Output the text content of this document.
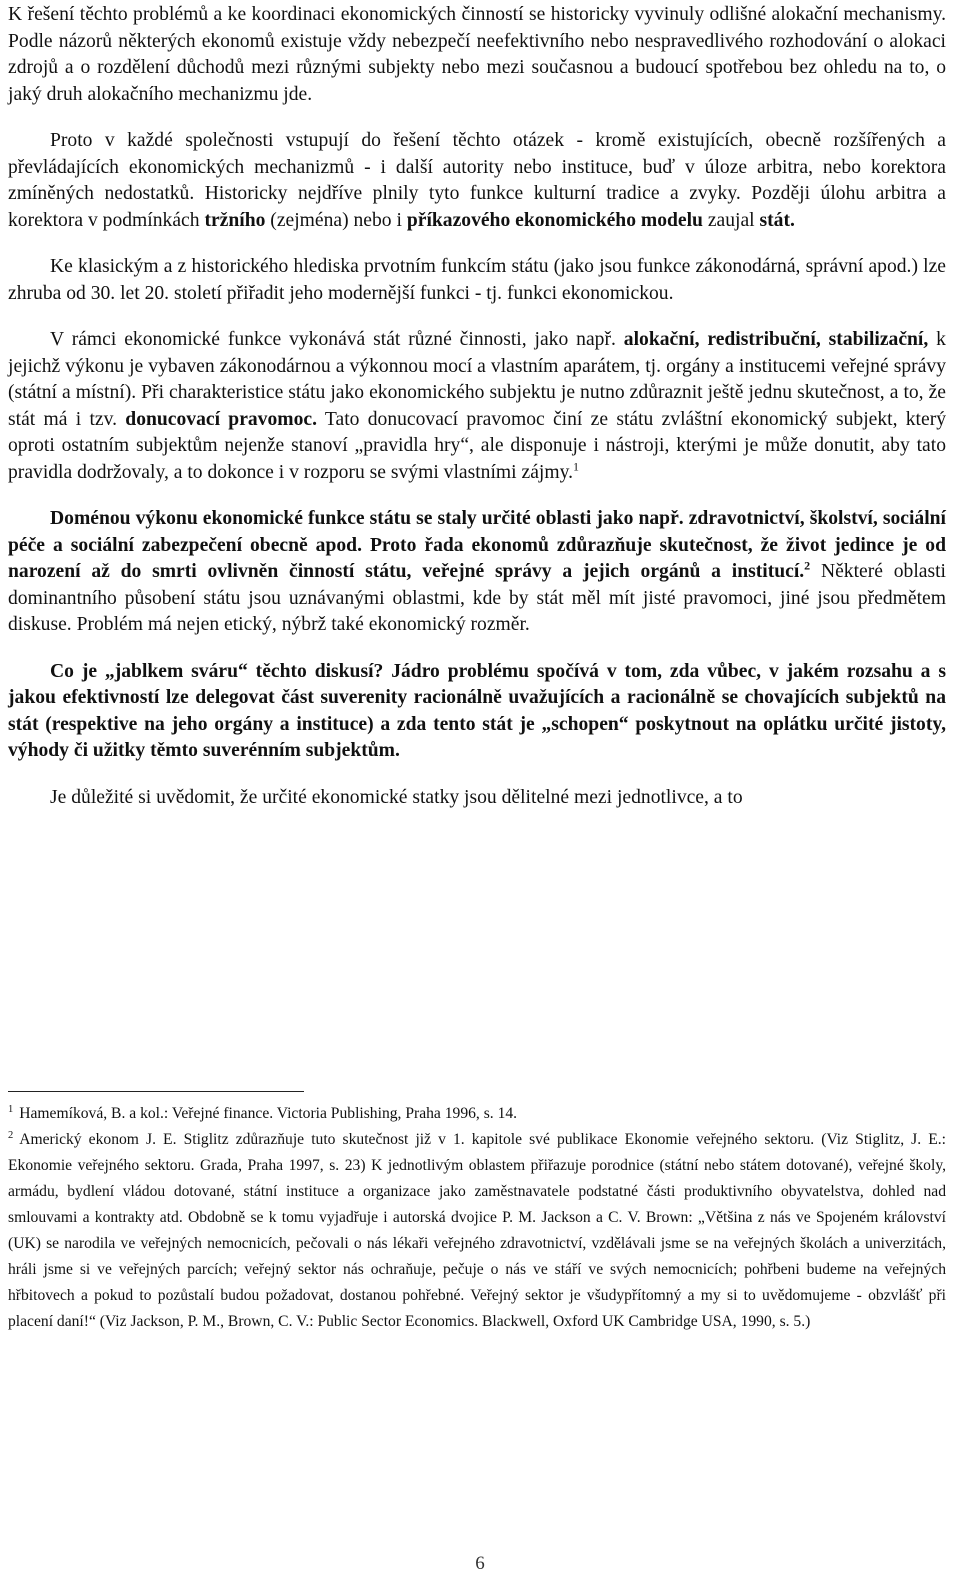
K řešení těchto problémů a ke koordinaci ekonomických činností se historicky vyvinuly odlišné alokační mechanismy. Podle názorů některých ekonomů existuje vždy nebezpečí neefektivního nebo nespravedlivého rozhodování o alokaci zdrojů a o rozdělení důchodů mezi různými subjekty nebo mezi současnou a budoucí spotřebou bez ohledu na to, o jaký druh alokačního mechanizmu jde.

Proto v každé společnosti vstupují do řešení těchto otázek - kromě existujících, obecně rozšířených a převládajících ekonomických mechanizmů - i další autority nebo instituce, buď v úloze arbitra, nebo korektora zmíněných nedostatků. Historicky nejdříve plnily tyto funkce kulturní tradice a zvyky. Později úlohu arbitra a korektora v podmínkách tržního (zejména) nebo i příkazového ekonomického modelu zaujal stát.

Ke klasickým a z historického hlediska prvotním funkcím státu (jako jsou funkce zákonodárná, správní apod.) lze zhruba od 30. let 20. století přiřadit jeho modernější funkci - tj. funkci ekonomickou.

V rámci ekonomické funkce vykonává stát různé činnosti, jako např. alokační, redistribuční, stabilizační, k jejichž výkonu je vybaven zákonodárnou a výkonnou mocí a vlastním aparátem, tj. orgány a institucemi veřejné správy (státní a místní). Při charakteristice státu jako ekonomického subjektu je nutno zdůraznit ještě jednu skutečnost, a to, že stát má i tzv. donucovací pravomoc. Tato donucovací pravomoc činí ze státu zvláštní ekonomický subjekt, který oproti ostatním subjektům nejenže stanoví „pravidla hry“, ale disponuje i nástroji, kterými je může donutit, aby tato pravidla dodržovaly, a to dokonce i v rozporu se svými vlastními zájmy.$^1$

Doménou výkonu ekonomické funkce státu se staly určité oblasti jako např. zdravotnictví, školství, sociální péče a sociální zabezpečení obecně apod. Proto řada ekonomů zdůrazňuje skutečnost, že život jedince je od narození až do smrti ovlivněn činností státu, veřejné správy a jejich orgánů a institucí.$^2$ Některé oblasti dominantního působení státu jsou uznávanými oblastmi, kde by stát měl mít jisté pravomoci, jiné jsou předmětem diskuse. Problém má nejen etický, nýbrž také ekonomický rozměr.

Co je „jablkem sváru“ těchto diskusí? Jádro problému spočívá v tom, zda vůbec, v jakém rozsahu a s jakou efektivností lze delegovat část suverenity racionálně uvažujících a racionálně se chovajících subjektů na stát (respektive na jeho orgány a instituce) a zda tento stát je „schopen“ poskytnout na oplátku určité jistoty, výhody či užitky těmto suverénním subjektům.

Je důležité si uvědomit, že určité ekonomické statky jsou dělitelné mezi jednotlivce, a to

$^1$ Hamemíková, B. a kol.: Veřejné finance. Victoria Publishing, Praha 1996, s. 14.

$^2$ Americký ekonom J. E. Stiglitz zdůrazňuje tuto skutečnost již v 1. kapitole své publikace Ekonomie veřejného sektoru. (Viz Stiglitz, J. E.: Ekonomie veřejného sektoru. Grada, Praha 1997, s. 23) K jednotlivým oblastem přiřazuje porodnice (státní nebo státem dotované), veřejné školy, armádu, bydlení vládou dotované, státní instituce a organizace jako zaměstnavatele podstatné části produktivního obyvatelstva, dohled nad smlouvami a kontrakty atd. Obdobně se k tomu vyjadřuje i autorská dvojice P. M. Jackson a C. V. Brown: „Většina z nás ve Spojeném království (UK) se narodila ve veřejných nemocnicích, pečovali o nás lékaři veřejného zdravotnictví, vzdělávali jsme se na veřejných školách a univerzitách, hráli jsme si ve veřejných parcích; veřejný sektor nás ochraňuje, pečuje o nás ve stáří ve svých nemocnicích; pohřbeni budeme na veřejných hřbitovech a pokud to pozůstalí budou požadovat, dostanou pohřebné. Veřejný sektor je všudypřítomný a my si to uvědomujeme - obzvlášť při placení daní!“ (Viz Jackson, P. M., Brown, C. V.: Public Sector Economics. Blackwell, Oxford UK Cambridge USA, 1990, s. 5.)

6
